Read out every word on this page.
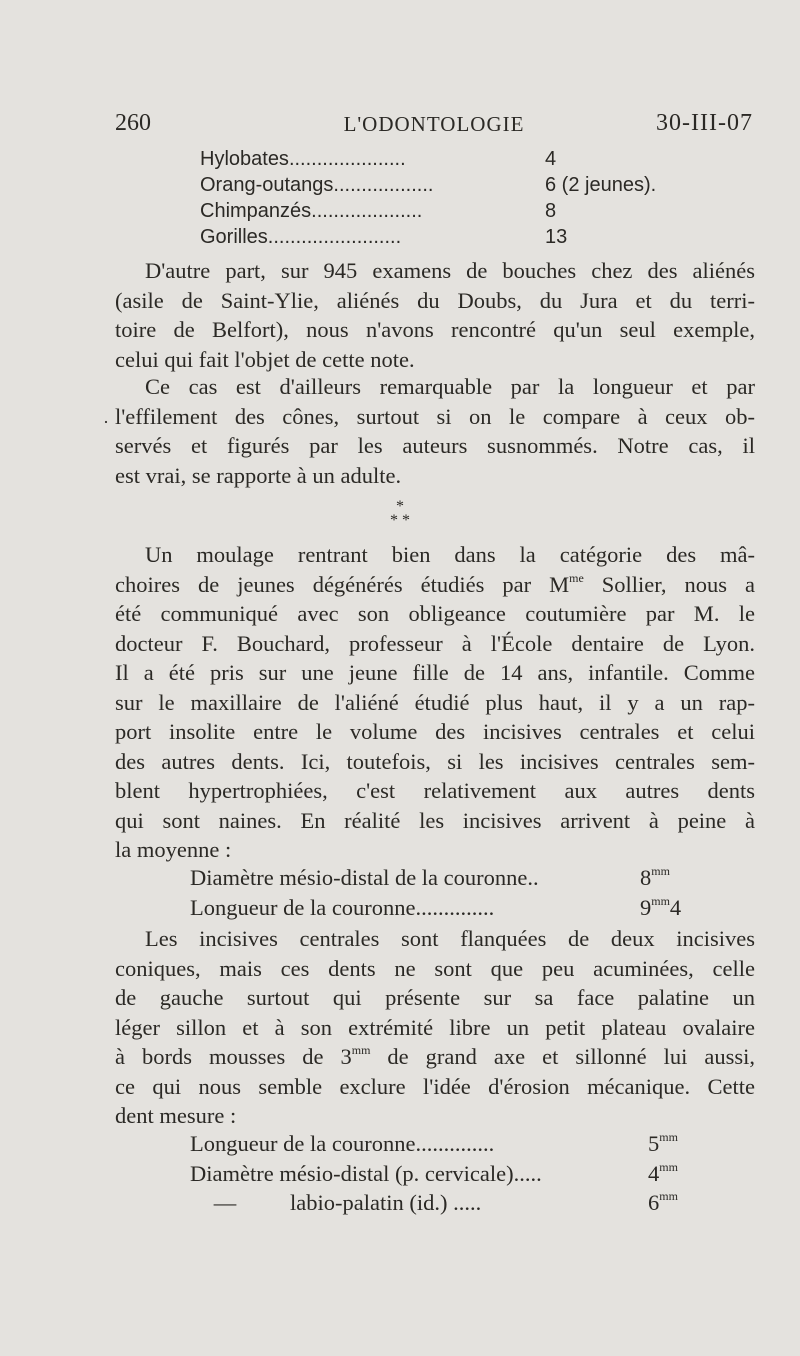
260	L'ODONTOLOGIE	30-III-07
Hylobates.....................	4
Orang-outangs..................	6 (2 jeunes).
Chimpanzés....................	8
Gorilles........................	13
D'autre part, sur 945 examens de bouches chez des aliénés
(asile de Saint-Ylie, aliénés du Doubs, du Jura et du terri-
toire de Belfort), nous n'avons rencontré qu'un seul exemple,
celui qui fait l'objet de cette note.
·
Ce cas est d'ailleurs remarquable par la longueur et par
l'effilement des cônes, surtout si on le compare à ceux ob-
servés et figurés par les auteurs susnommés. Notre cas, il
est vrai, se rapporte à un adulte.
*
* *
Un moulage rentrant bien dans la catégorie des mâ-
choires de jeunes dégénérés étudiés par $M^{me}$ Sollier, nous a
été communiqué avec son obligeance coutumière par M. le
docteur F. Bouchard, professeur à l'École dentaire de Lyon.
Il a été pris sur une jeune fille de 14 ans, infantile. Comme
sur le maxillaire de l'aliéné étudié plus haut, il y a un rap-
port insolite entre le volume des incisives centrales et celui
des autres dents. Ici, toutefois, si les incisives centrales sem-
blent hypertrophiées, c'est relativement aux autres dents
qui sont naines. En réalité les incisives arrivent à peine à
la moyenne :
Diamètre mésio-distal de la couronne..	$8^{mm}$
Longueur de la couronne..............	$9^{mm}4$
Les incisives centrales sont flanquées de deux incisives
coniques, mais ces dents ne sont que peu acuminées, celle
de gauche surtout qui présente sur sa face palatine un
léger sillon et à son extrémité libre un petit plateau ovalaire
à bords mousses de $3^{mm}$ de grand axe et sillonné lui aussi,
ce qui nous semble exclure l'idée d'érosion mécanique. Cette
dent mesure :
Longueur de la couronne..............	$5^{mm}$
Diamètre mésio-distal (p. cervicale).....	$4^{mm}$
— labio-palatin (id.) .....	$6^{mm}$
